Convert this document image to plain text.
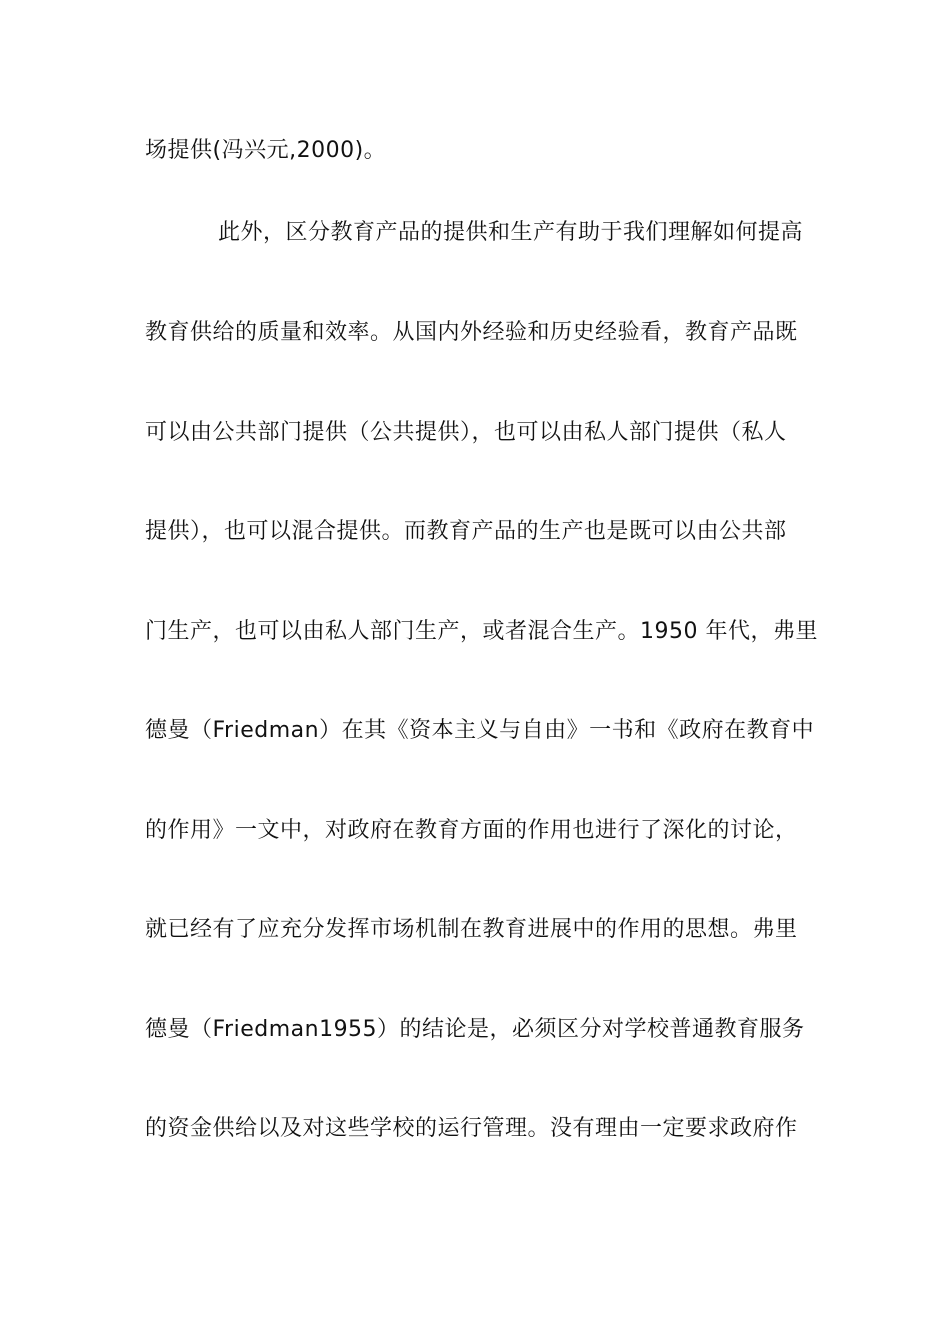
场提供(冯兴元,2000)。
此外，区分教育产品的提供和生产有助于我们理解如何提高
教育供给的质量和效率。从国内外经验和历史经验看，教育产品既
可以由公共部门提供（公共提供），也可以由私人部门提供（私人
提供），也可以混合提供。而教育产品的生产也是既可以由公共部
门生产，也可以由私人部门生产，或者混合生产。1950 年代，弗里
德曼（Friedman）在其《资本主义与自由》一书和《政府在教育中
的作用》一文中，对政府在教育方面的作用也进行了深化的讨论，
就已经有了应充分发挥市场机制在教育进展中的作用的思想。弗里
德曼（Friedman1955）的结论是，必须区分对学校普通教育服务
的资金供给以及对这些学校的运行管理。没有理由一定要求政府作
